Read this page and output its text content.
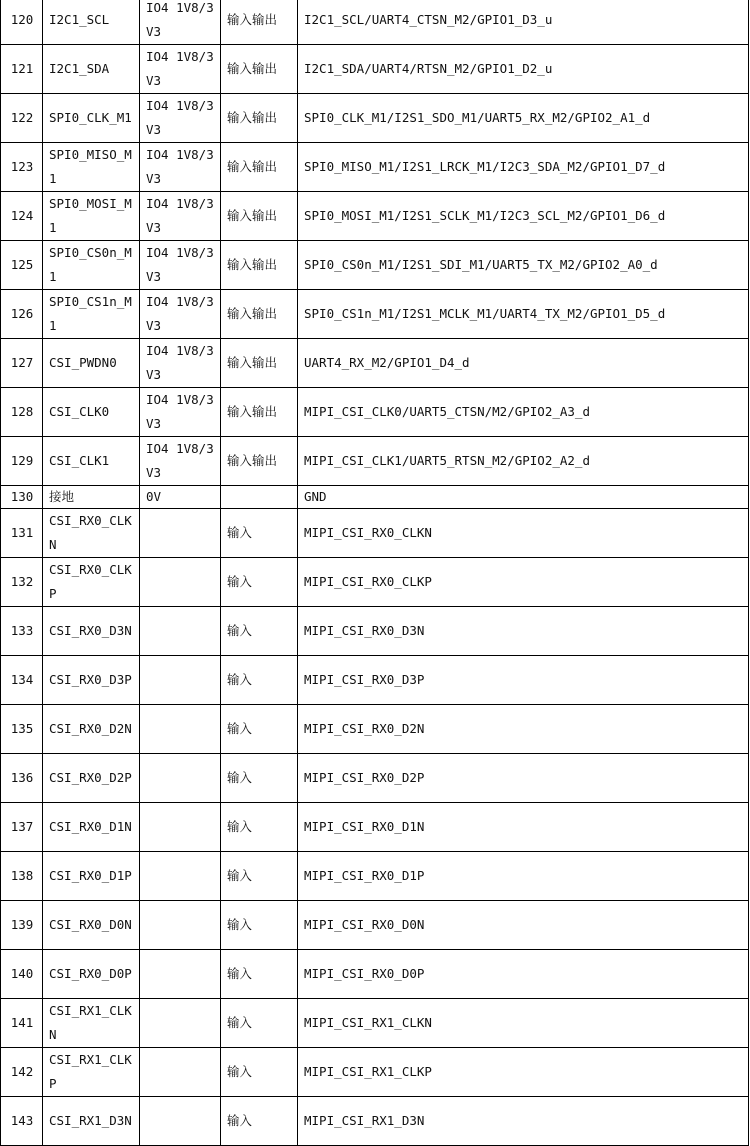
120	I2C1_SCL	IO4 1V8/3V3	输入输出	I2C1_SCL/UART4_CTSN_M2/GPIO1_D3_u
121	I2C1_SDA	IO4 1V8/3V3	输入输出	I2C1_SDA/UART4/RTSN_M2/GPIO1_D2_u
122	SPI0_CLK_M1	IO4 1V8/3V3	输入输出	SPI0_CLK_M1/I2S1_SDO_M1/UART5_RX_M2/GPIO2_A1_d
123	SPI0_MISO_M1	IO4 1V8/3V3	输入输出	SPI0_MISO_M1/I2S1_LRCK_M1/I2C3_SDA_M2/GPIO1_D7_d
124	SPI0_MOSI_M1	IO4 1V8/3V3	输入输出	SPI0_MOSI_M1/I2S1_SCLK_M1/I2C3_SCL_M2/GPIO1_D6_d
125	SPI0_CS0n_M1	IO4 1V8/3V3	输入输出	SPI0_CS0n_M1/I2S1_SDI_M1/UART5_TX_M2/GPIO2_A0_d
126	SPI0_CS1n_M1	IO4 1V8/3V3	输入输出	SPI0_CS1n_M1/I2S1_MCLK_M1/UART4_TX_M2/GPIO1_D5_d
127	CSI_PWDN0	IO4 1V8/3V3	输入输出	UART4_RX_M2/GPIO1_D4_d
128	CSI_CLK0	IO4 1V8/3V3	输入输出	MIPI_CSI_CLK0/UART5_CTSN/M2/GPIO2_A3_d
129	CSI_CLK1	IO4 1V8/3V3	输入输出	MIPI_CSI_CLK1/UART5_RTSN_M2/GPIO2_A2_d
130	接地	0V		GND
131	CSI_RX0_CLKN		输入	MIPI_CSI_RX0_CLKN
132	CSI_RX0_CLKP		输入	MIPI_CSI_RX0_CLKP
133	CSI_RX0_D3N		输入	MIPI_CSI_RX0_D3N
134	CSI_RX0_D3P		输入	MIPI_CSI_RX0_D3P
135	CSI_RX0_D2N		输入	MIPI_CSI_RX0_D2N
136	CSI_RX0_D2P		输入	MIPI_CSI_RX0_D2P
137	CSI_RX0_D1N		输入	MIPI_CSI_RX0_D1N
138	CSI_RX0_D1P		输入	MIPI_CSI_RX0_D1P
139	CSI_RX0_D0N		输入	MIPI_CSI_RX0_D0N
140	CSI_RX0_D0P		输入	MIPI_CSI_RX0_D0P
141	CSI_RX1_CLKN		输入	MIPI_CSI_RX1_CLKN
142	CSI_RX1_CLKP		输入	MIPI_CSI_RX1_CLKP
143	CSI_RX1_D3N		输入	MIPI_CSI_RX1_D3N
